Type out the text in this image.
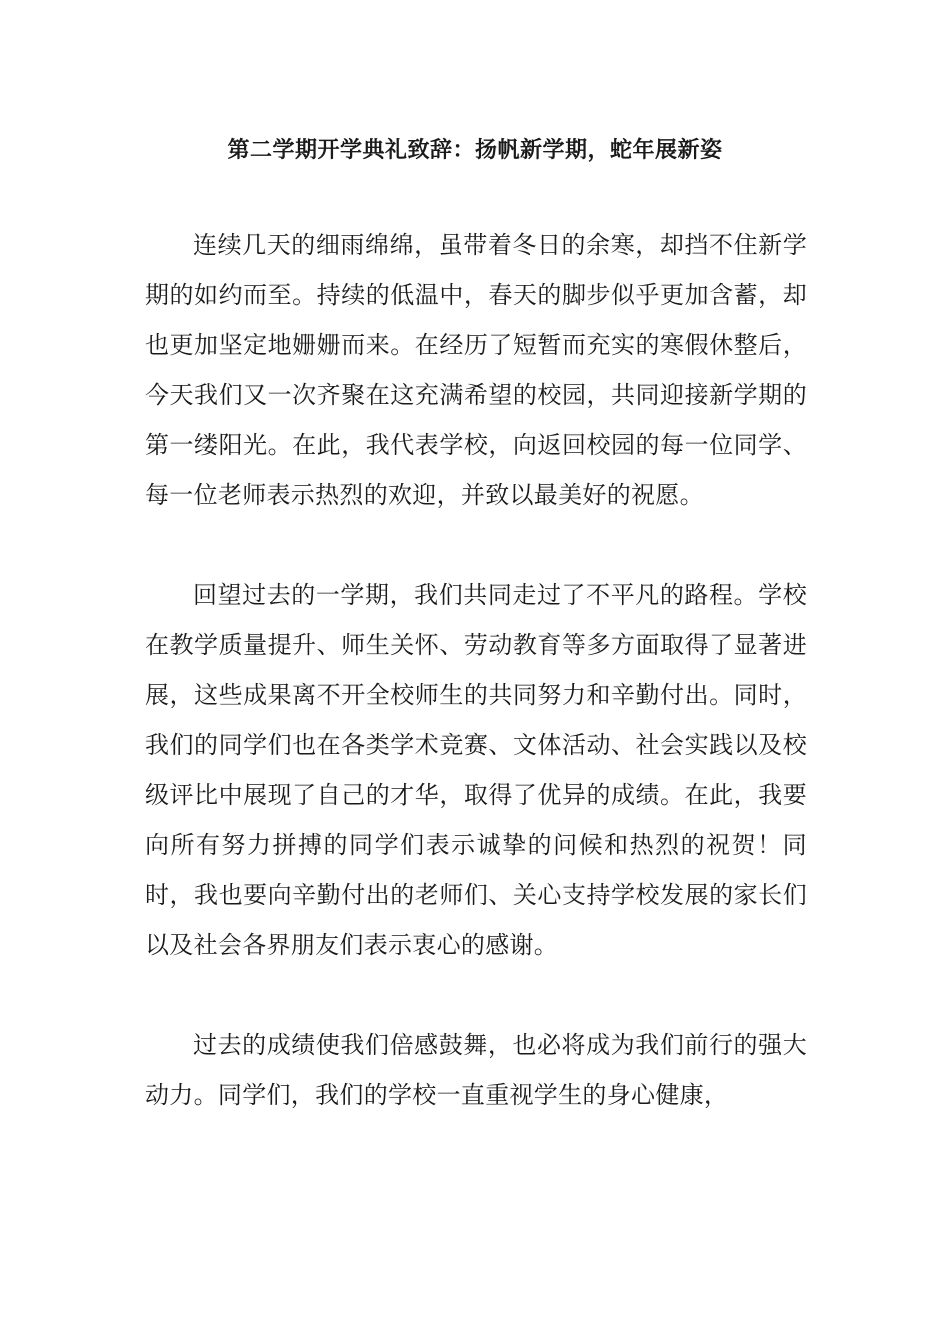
第二学期开学典礼致辞：扬帆新学期，蛇年展新姿

连续几天的细雨绵绵，虽带着冬日的余寒，却挡不住新学期的如约而至。持续的低温中，春天的脚步似乎更加含蓄，却也更加坚定地姗姗而来。在经历了短暂而充实的寒假休整后，今天我们又一次齐聚在这充满希望的校园，共同迎接新学期的第一缕阳光。在此，我代表学校，向返回校园的每一位同学、每一位老师表示热烈的欢迎，并致以最美好的祝愿。

回望过去的一学期，我们共同走过了不平凡的路程。学校在教学质量提升、师生关怀、劳动教育等多方面取得了显著进展，这些成果离不开全校师生的共同努力和辛勤付出。同时，我们的同学们也在各类学术竞赛、文体活动、社会实践以及校级评比中展现了自己的才华，取得了优异的成绩。在此，我要向所有努力拼搏的同学们表示诚挚的问候和热烈的祝贺！同时，我也要向辛勤付出的老师们、关心支持学校发展的家长们以及社会各界朋友们表示衷心的感谢。

过去的成绩使我们倍感鼓舞，也必将成为我们前行的强大动力。同学们，我们的学校一直重视学生的身心健康，
